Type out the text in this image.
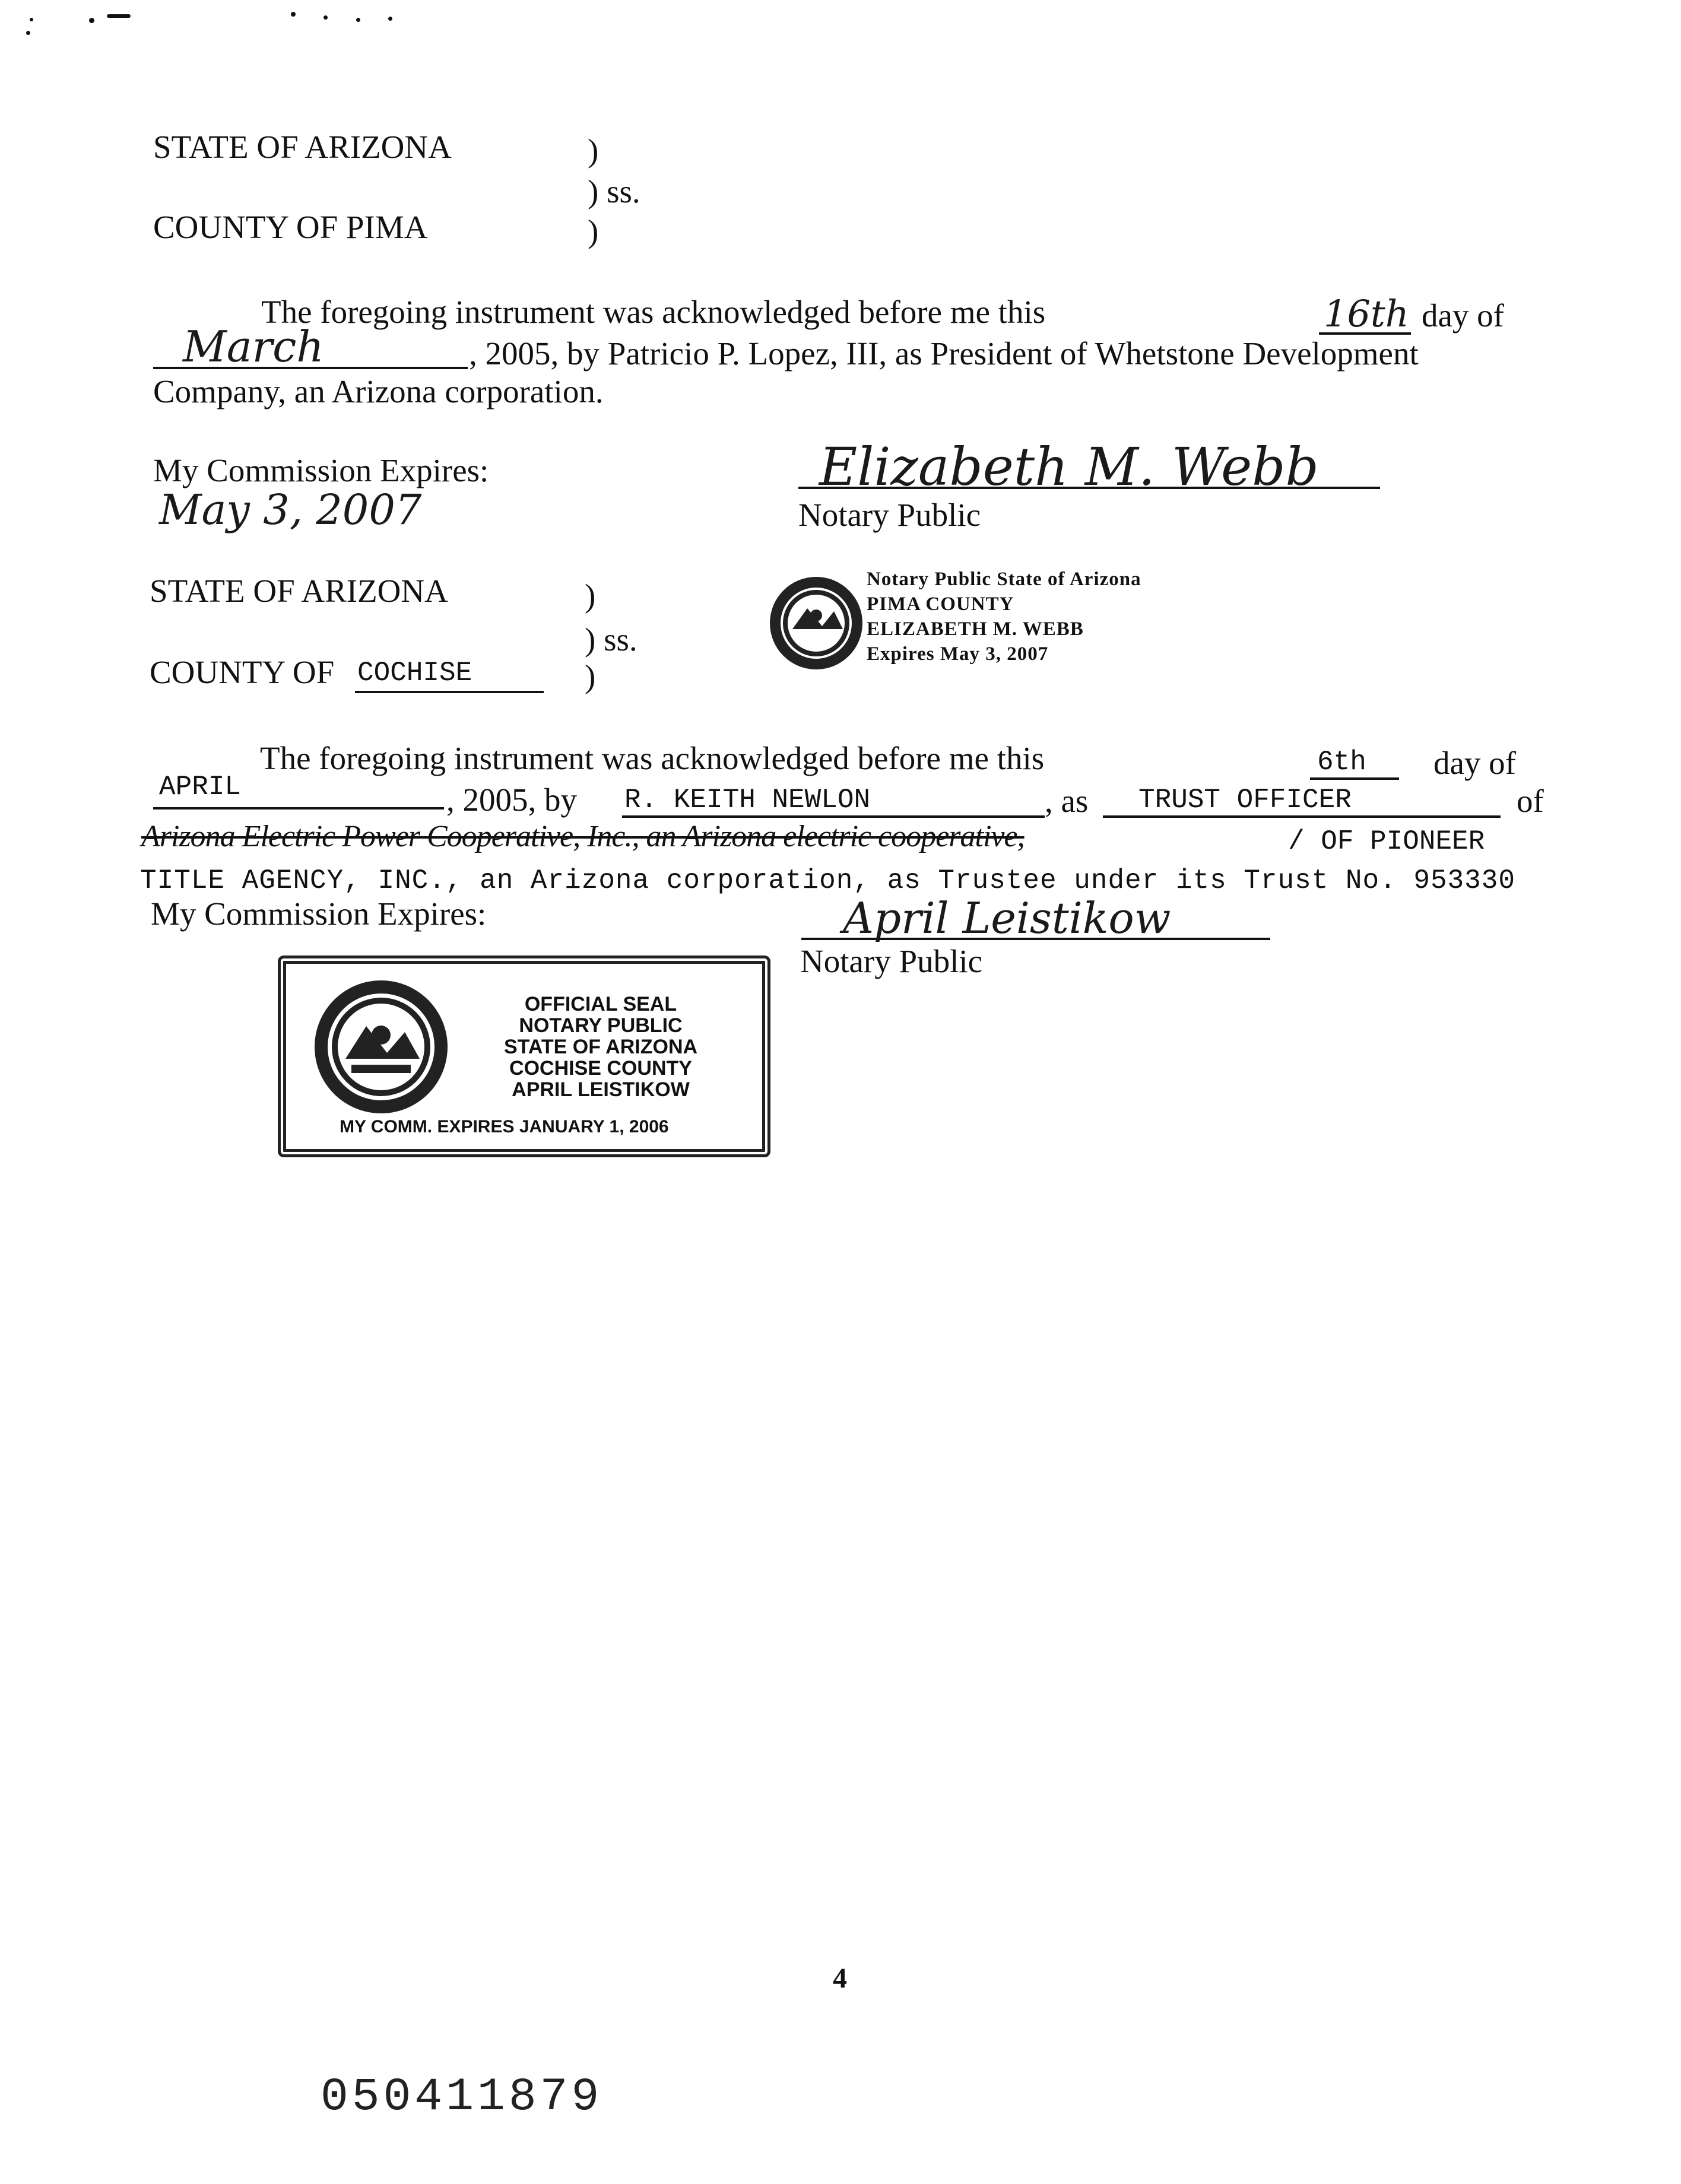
STATE OF ARIZONA	)
) ss.
COUNTY OF PIMA	)
The foregoing instrument was acknowledged before me this	16th day of
March	, 2005, by Patricio P. Lopez, III, as President of Whetstone Development
Company, an Arizona corporation.
My Commission Expires:
May 3, 2007
Elizabeth M. Webb
Notary Public
STATE OF ARIZONA	)
) ss.
COUNTY OF COCHISE	)
Notary Public State of Arizona
PIMA COUNTY
ELIZABETH M. WEBB
Expires May 3, 2007
The foregoing instrument was acknowledged before me this	6th	day of
APRIL	, 2005, by R. KEITH NEWLON	, as	TRUST OFFICER	of
Arizona Electric Power Cooperative, Inc., an Arizona electric cooperative,	/ OF PIONEER
TITLE AGENCY, INC., an Arizona corporation, as Trustee under its Trust No. 953330
My Commission Expires:	April Leistikow
Notary Public
OFFICIAL SEAL
NOTARY PUBLIC
STATE OF ARIZONA
COCHISE COUNTY
APRIL LEISTIKOW
MY COMM. EXPIRES JANUARY 1, 2006
4
050411879
